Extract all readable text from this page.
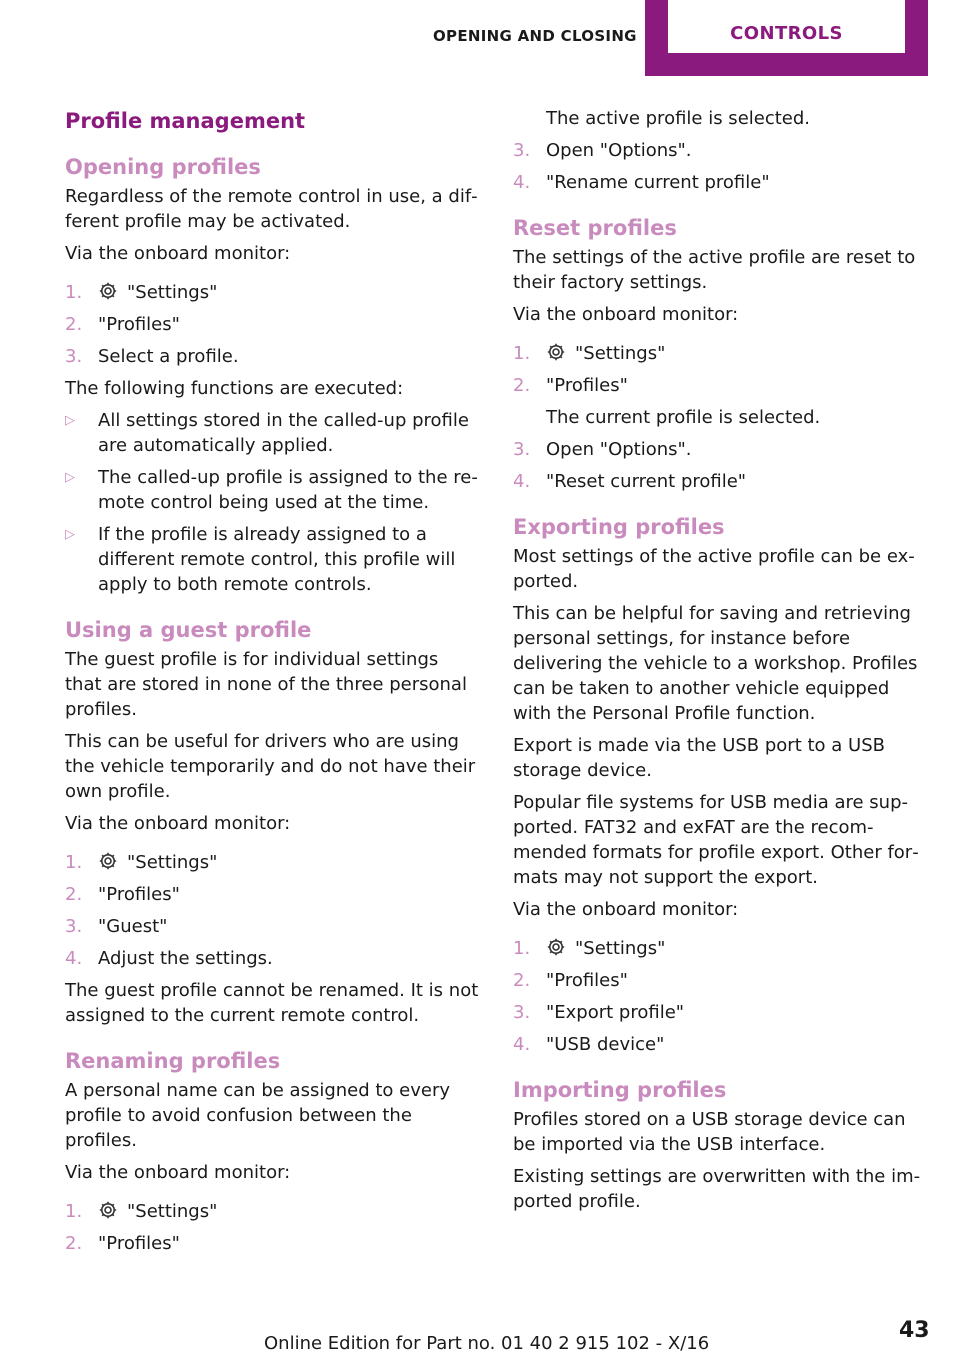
OPENING AND CLOSING	CONTROLS
Profile management
Opening profiles

Regardless of the remote control in use, a different profile may be activated.

Via the onboard monitor:

1.	"Settings"
2. "Profiles"
3. Select a profile.

The following functions are executed:

▷	All settings stored in the called-up profile are automatically applied.
▷	The called-up profile is assigned to the remote control being used at the time.
▷	If the profile is already assigned to a different remote control, this profile will apply to both remote controls.
Using a guest profile

The guest profile is for individual settings that are stored in none of the three personal profiles.

This can be useful for drivers who are using the vehicle temporarily and do not have their own profile.

Via the onboard monitor:

1.	"Settings"
2. "Profiles"
3. "Guest"
4. Adjust the settings.

The guest profile cannot be renamed. It is not assigned to the current remote control.

Renaming profiles

A personal name can be assigned to every profile to avoid confusion between the profiles.

Via the onboard monitor:

1.	"Settings"
2. "Profiles"
The active profile is selected.
3. Open "Options".
4. "Rename current profile"
Reset profiles

The settings of the active profile are reset to their factory settings.

Via the onboard monitor:

1.	"Settings"
2. "Profiles"
The current profile is selected.
3. Open "Options".
4. "Reset current profile"
Exporting profiles

Most settings of the active profile can be exported.

This can be helpful for saving and retrieving personal settings, for instance before delivering the vehicle to a workshop. Profiles can be taken to another vehicle equipped with the Personal Profile function.

Export is made via the USB port to a USB storage device.

Popular file systems for USB media are supported. FAT32 and exFAT are the recommended formats for profile export. Other formats may not support the export.

Via the onboard monitor:

1.	"Settings"
2. "Profiles"
3. "Export profile"
4. "USB device"
Importing profiles

Profiles stored on a USB storage device can be imported via the USB interface.

Existing settings are overwritten with the imported profile.

Online Edition for Part no. 01 40 2 915 102 - X/16
43
